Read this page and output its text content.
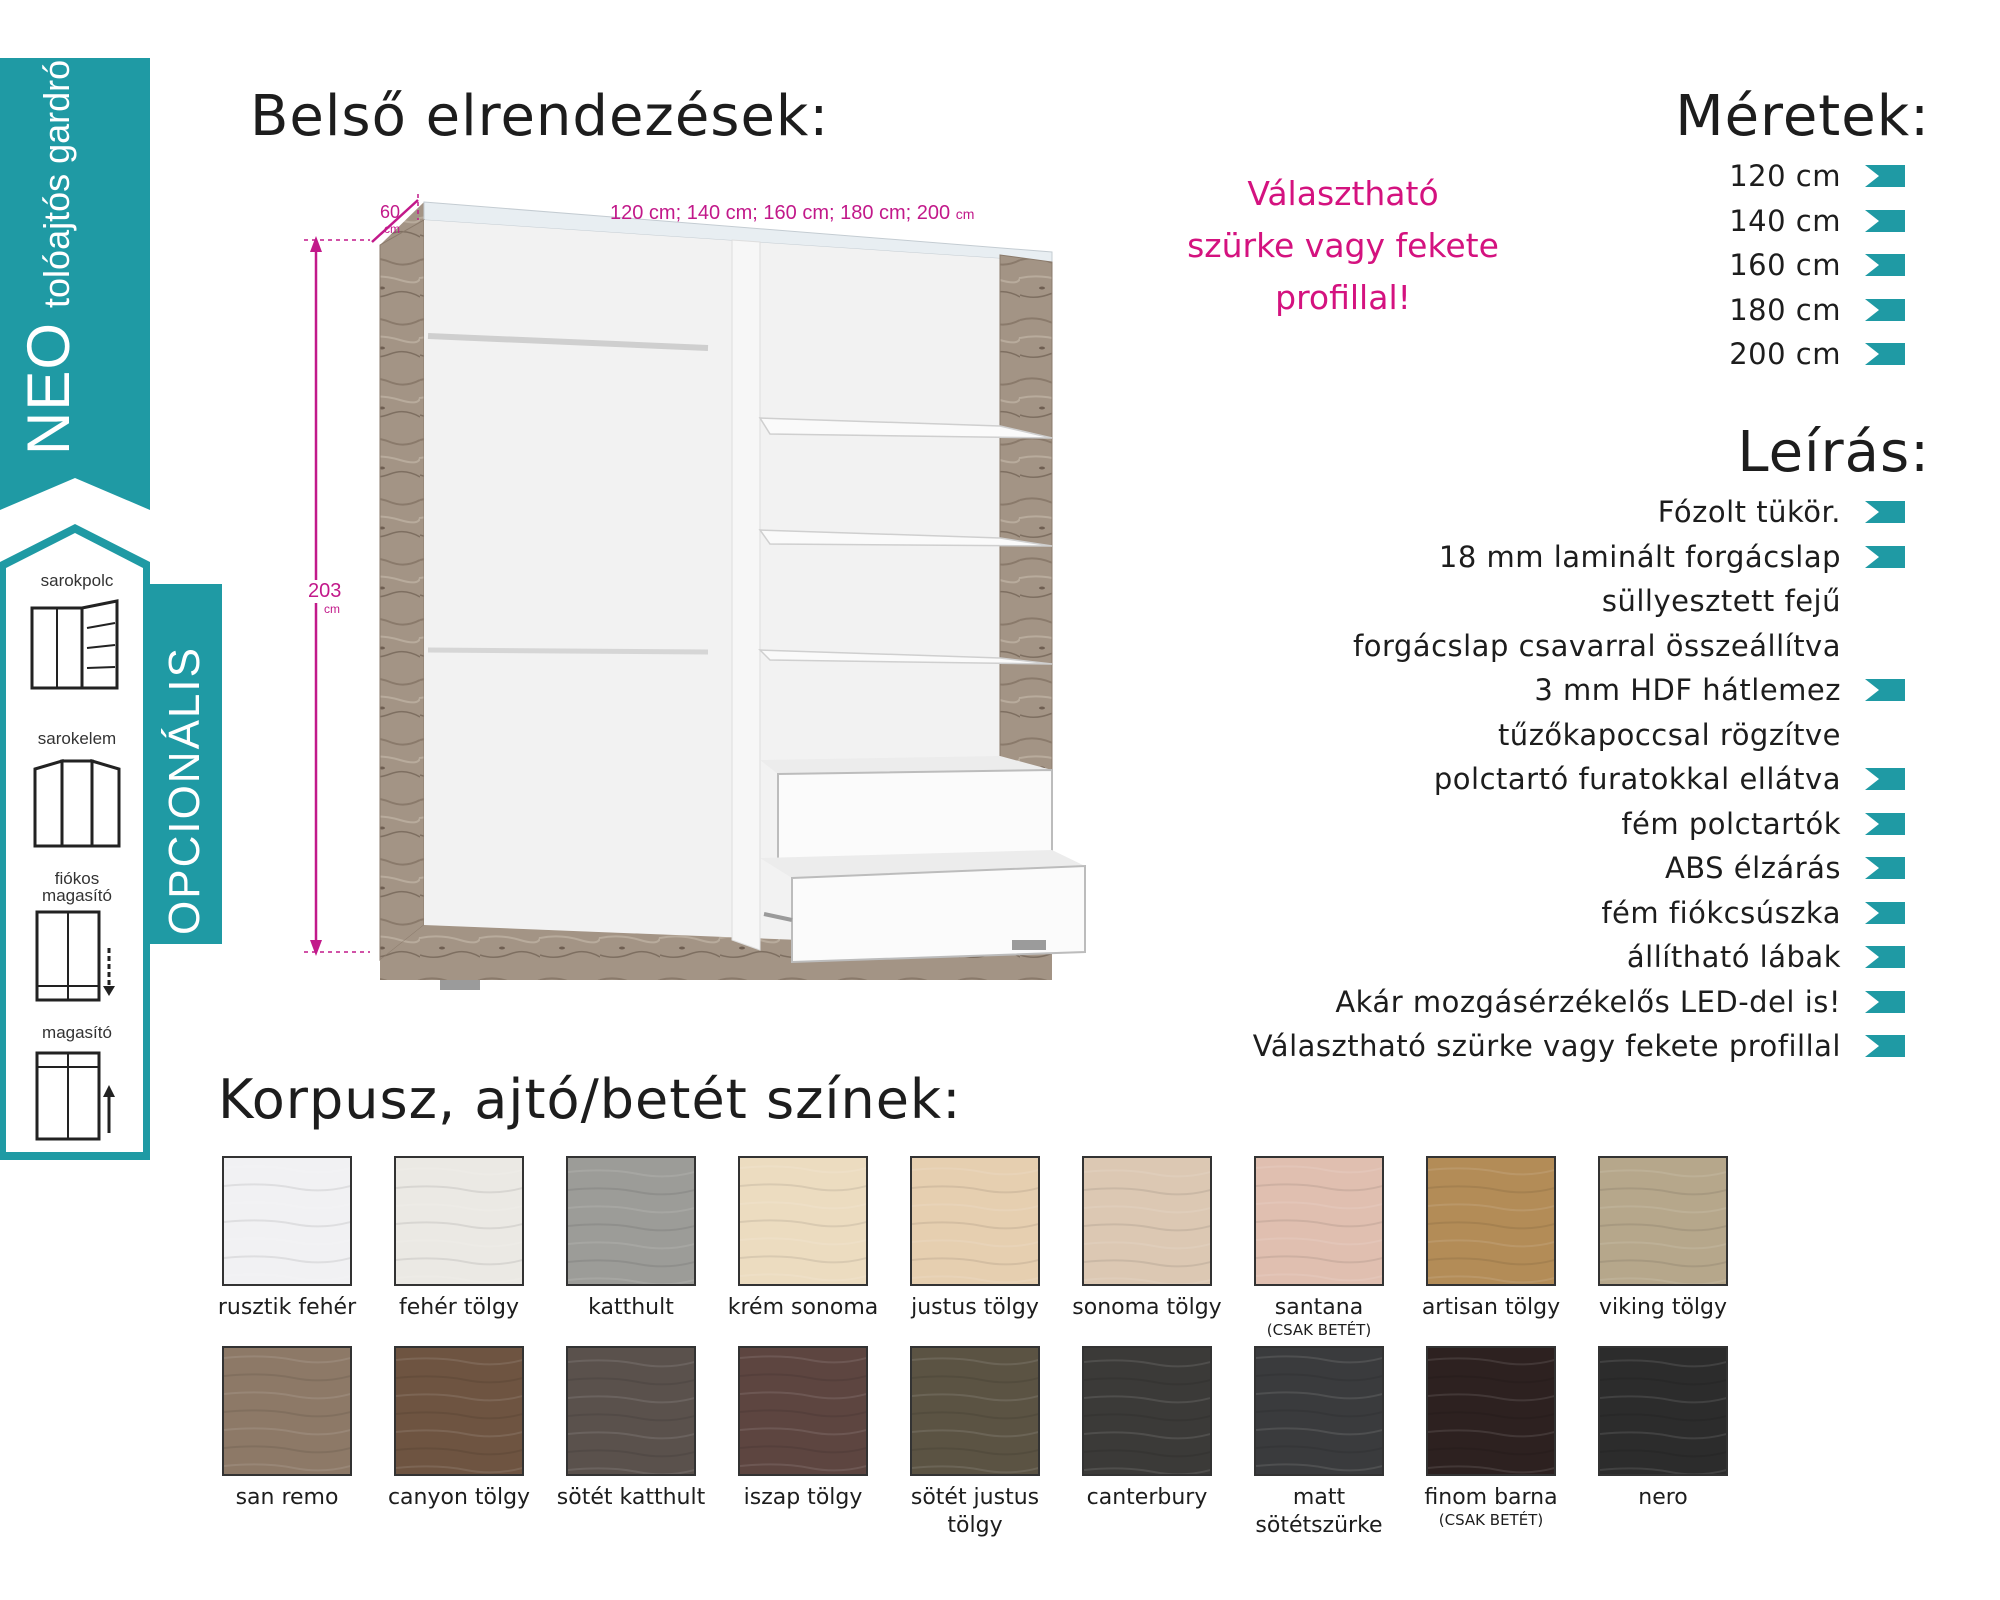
NEO
tolóajtós gardrób
OPCIONÁLIS
sarokpolc
sarokelem
fiókos magasító
magasító
Belső elrendezések:	Méretek:
Leírás:
Korpusz, ajtó/betét színek:
Választható
szürke vagy fekete
profillal!
120 cm
140 cm
160 cm
180 cm
200 cm
Fózolt tükör.
18 mm laminált forgácslap
süllyesztett fejű
forgácslap csavarral összeállítva
3 mm HDF hátlemez
tűzőkapoccsal rögzítve
polctartó furatokkal ellátva
fém polctartók
ABS élzárás
fém fiókcsúszka
állítható lábak
Akár mozgásérzékelős LED-del is!
Választható szürke vagy fekete profillal
60
cm
203
cm
120 cm; 140 cm; 160 cm; 180 cm; 200 cm
rusztik fehér	fehér tölgy	katthult	krém sonoma	justus tölgy	sonoma tölgy	santana
(CSAK BETÉT)
artisan tölgy	viking tölgy
san remo	canyon tölgy	sötét katthult	iszap tölgy	sötét justus tölgy
canterbury	matt sötétszürke
finom barna
(CSAK BETÉT)
nero
